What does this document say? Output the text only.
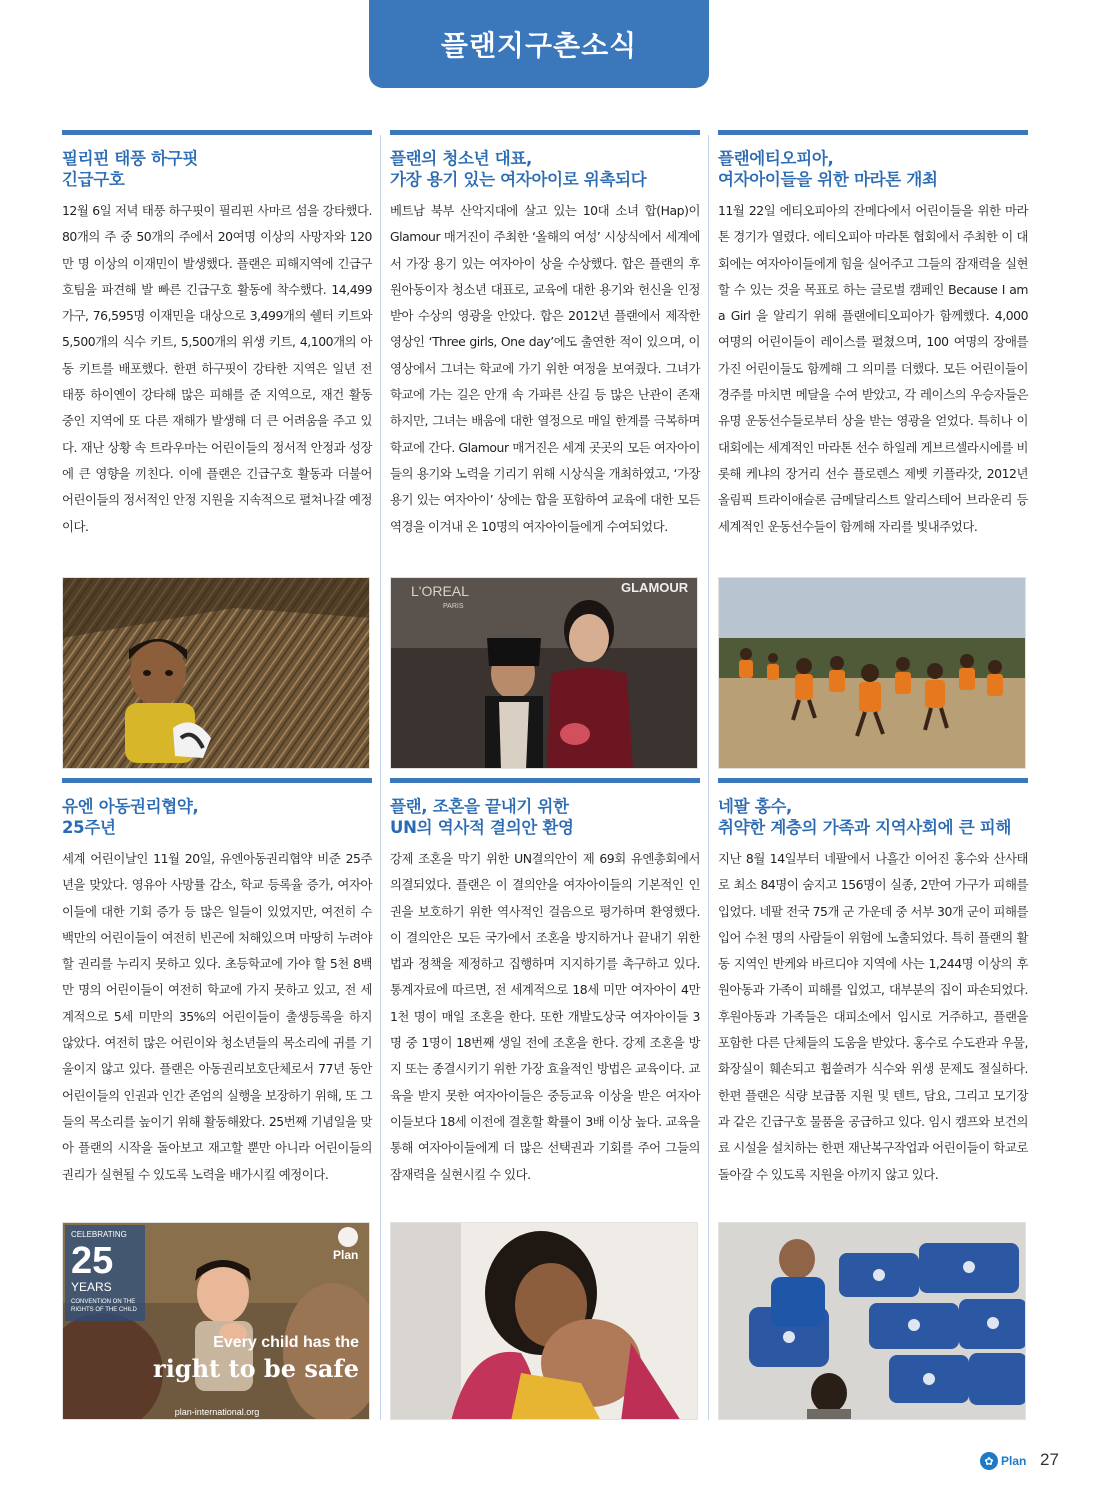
플랜지구촌소식
필리핀 태풍 하구핏
긴급구호

12월 6일 저녁 태풍 하구핏이 필리핀 사마르 섬을 강타했다. 80개의 주 중 50개의 주에서 20여명 이상의 사망자와 120만 명 이상의 이재민이 발생했다. 플랜은 피해지역에 긴급구호팀을 파견해 발 빠른 긴급구호 활동에 착수했다. 14,499가구, 76,595명 이재민을 대상으로 3,499개의 쉘터 키트와 5,500개의 식수 키트, 5,500개의 위생 키트, 4,100개의 아동 키트를 배포했다. 한편 하구핏이 강타한 지역은 일년 전 태풍 하이옌이 강타해 많은 피해를 준 지역으로, 재건 활동 중인 지역에 또 다른 재해가 발생해 더 큰 어려움을 주고 있다. 재난 상황 속 트라우마는 어린이들의 정서적 안정과 성장에 큰 영향을 끼친다. 이에 플랜은 긴급구호 활동과 더불어 어린이들의 정서적인 안정 지원을 지속적으로 펼쳐나갈 예정이다.

플랜의 청소년 대표,
가장 용기 있는 여자아이로 위촉되다

베트남 북부 산악지대에 살고 있는 10대 소녀 합(Hap)이 Glamour 매거진이 주최한 ‘올해의 여성’ 시상식에서 세계에서 가장 용기 있는 여자아이 상을 수상했다. 합은 플랜의 후원아동이자 청소년 대표로, 교육에 대한 용기와 헌신을 인정받아 수상의 영광을 안았다. 합은 2012년 플랜에서 제작한 영상인 ‘Three girls, One day’에도 출연한 적이 있으며, 이 영상에서 그녀는 학교에 가기 위한 여정을 보여줬다. 그녀가 학교에 가는 길은 안개 속 가파른 산길 등 많은 난관이 존재하지만, 그녀는 배움에 대한 열정으로 매일 한계를 극복하며 학교에 간다. Glamour 매거진은 세계 곳곳의 모든 여자아이들의 용기와 노력을 기리기 위해 시상식을 개최하였고, ‘가장 용기 있는 여자아이’ 상에는 합을 포함하여 교육에 대한 모든 역경을 이겨내 온 10명의 여자아이들에게 수여되었다.

플랜에티오피아,
여자아이들을 위한 마라톤 개최

11월 22일 에티오피아의 잔메다에서 어린이들을 위한 마라톤 경기가 열렸다. 에티오피아 마라톤 협회에서 주최한 이 대회에는 여자아이들에게 힘을 실어주고 그들의 잠재력을 실현할 수 있는 것을 목표로 하는 글로벌 캠페인 Because I am a Girl 을 알리기 위해 플랜에티오피아가 함께했다. 4,000 여명의 어린이들이 레이스를 펼쳤으며, 100 여명의 장애를 가진 어린이들도 함께해 그 의미를 더했다. 모든 어린이들이 경주를 마치면 메달을 수여 받았고, 각 레이스의 우승자들은 유명 운동선수들로부터 상을 받는 영광을 얻었다. 특히나 이 대회에는 세계적인 마라톤 선수 하일레 게브르셀라시에를 비롯해 케냐의 장거리 선수 플로렌스 제벳 키플라갓, 2012년 올림픽 트라이애슬론 금메달리스트 알리스테어 브라운리 등 세계적인 운동선수들이 함께해 자리를 빛내주었다.

L'OREAL
PARIS
GLAMOUR
유엔 아동권리협약,
25주년

세계 어린이날인 11월 20일, 유엔아동권리협약 비준 25주년을 맞았다. 영유아 사망률 감소, 학교 등록율 증가, 여자아이들에 대한 기회 증가 등 많은 일들이 있었지만, 여전히 수백만의 어린이들이 여전히 빈곤에 처해있으며 마땅히 누려야 할 권리를 누리지 못하고 있다. 초등학교에 가야 할 5천 8백만 명의 어린이들이 여전히 학교에 가지 못하고 있고, 전 세계적으로 5세 미만의 35%의 어린이들이 출생등록을 하지 않았다. 여전히 많은 어린이와 청소년들의 목소리에 귀를 기울이지 않고 있다. 플랜은 아동권리보호단체로서 77년 동안 어린이들의 인권과 인간 존엄의 실행을 보장하기 위해, 또 그들의 목소리를 높이기 위해 활동해왔다. 25번째 기념일을 맞아 플랜의 시작을 돌아보고 재고할 뿐만 아니라 어린이들의 권리가 실현될 수 있도록 노력을 배가시킬 예정이다.

플랜, 조혼을 끝내기 위한
UN의 역사적 결의안 환영

강제 조혼을 막기 위한 UN결의안이 제 69회 유엔총회에서 의결되었다. 플랜은 이 결의안을 여자아이들의 기본적인 인권을 보호하기 위한 역사적인 걸음으로 평가하며 환영했다. 이 결의안은 모든 국가에서 조혼을 방지하거나 끝내기 위한 법과 정책을 제정하고 집행하며 지지하기를 촉구하고 있다. 통계자료에 따르면, 전 세계적으로 18세 미만 여자아이 4만 1천 명이 매일 조혼을 한다. 또한 개발도상국 여자아이들 3명 중 1명이 18번째 생일 전에 조혼을 한다. 강제 조혼을 방지 또는 종결시키기 위한 가장 효율적인 방법은 교육이다. 교육을 받지 못한 여자아이들은 중등교육 이상을 받은 여자아이들보다 18세 이전에 결혼할 확률이 3배 이상 높다. 교육을 통해 여자아이들에게 더 많은 선택권과 기회를 주어 그들의 잠재력을 실현시킬 수 있다.

네팔 홍수,
취약한 계층의 가족과 지역사회에 큰 피해

지난 8월 14일부터 네팔에서 나흘간 이어진 홍수와 산사태로 최소 84명이 숨지고 156명이 실종, 2만여 가구가 피해를 입었다. 네팔 전국 75개 군 가운데 중 서부 30개 군이 피해를 입어 수천 명의 사람들이 위험에 노출되었다. 특히 플랜의 활동 지역인 반케와 바르디야 지역에 사는 1,244명 이상의 후원아동과 가족이 피해를 입었고, 대부분의 집이 파손되었다. 후원아동과 가족들은 대피소에서 임시로 거주하고, 플랜을 포함한 다른 단체들의 도움을 받았다. 홍수로 수도관과 우물, 화장실이 훼손되고 휩쓸려가 식수와 위생 문제도 절실하다. 한편 플랜은 식량 보급품 지원 및 텐트, 담요, 그리고 모기장과 같은 긴급구호 물품을 공급하고 있다. 임시 캠프와 보건의료 시설을 설치하는 한편 재난복구작업과 어린이들이 학교로 돌아갈 수 있도록 지원을 아끼지 않고 있다.

CELEBRATING
25
YEARS
CONVENTION ON THE
RIGHTS OF THE CHILD
Plan
Every child has the
right to be safe
plan-international.org
✿ Plan 27
